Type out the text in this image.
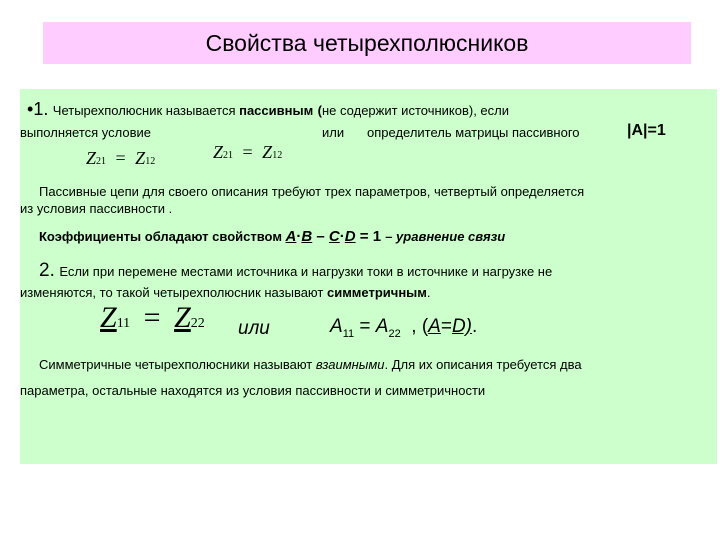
Свойства четырехполюсников
•1. Четырехполюсник называется пассивным (не содержит источников), если
выполняется условие	или определитель матрицы пассивного	|A|=1
Z21 = Z12	Z21 = Z12
Пассивные цепи для своего описания требуют трех параметров, четвертый определяется
из условия пассивности .
Коэффициенты обладают свойством A·B – C·D = 1 – уравнение связи
2. Если при перемене местами источника и нагрузки токи в источнике и нагрузке не
изменяются, то такой четырехполюсник называют симметричным.
Z11 = Z22 или	$A_{11} = A_{22}$  , (A=D).
Симметричные четырехполюсники называют взаимными. Для их описания требуется два
параметра, остальные находятся из условия пассивности и симметричности
